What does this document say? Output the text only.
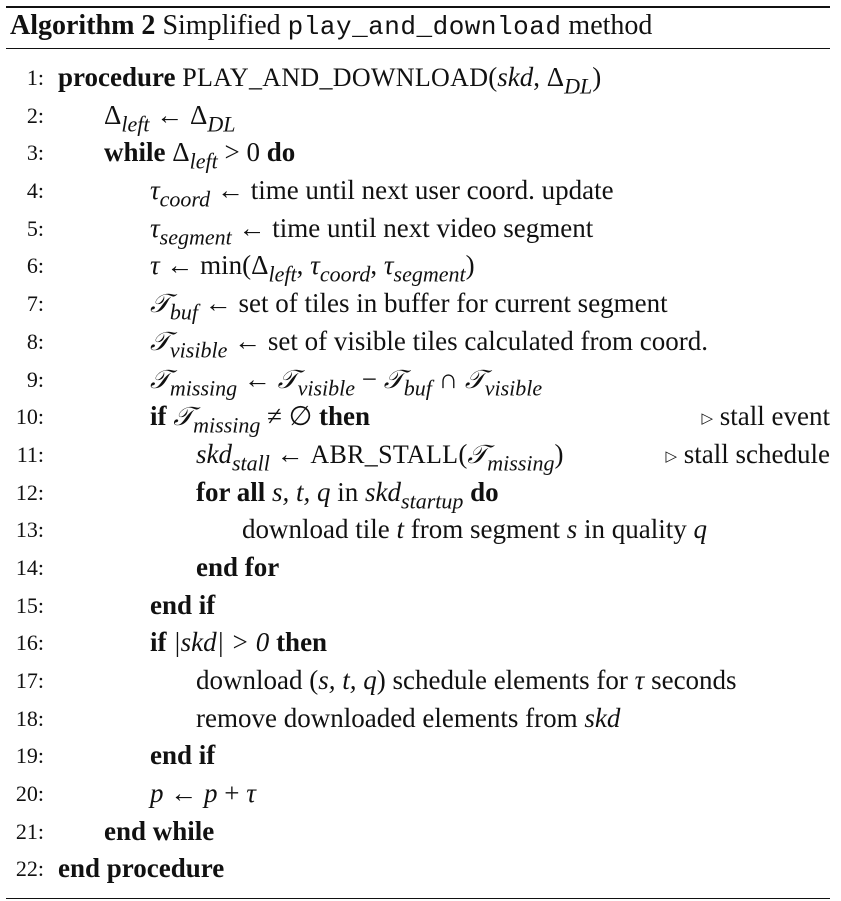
Algorithm 2 Simplified play_and_download method
1: procedure PLAY_AND_DOWNLOAD(skd, $\Delta_{DL}$)
2:	$\Delta_{left}$ ← $\Delta_{DL}$
3:	while $\Delta_{left} > 0$ do
4:	$\tau_{coord}$ ← time until next user coord. update
5:	$\tau_{segment}$ ← time until next video segment
6:	τ ← $\min(\Delta_{left}$, $\tau_{coord}$, $\tau_{segment}$)
7:	𝒯$_{buf}$ ← set of tiles in buffer for current segment
8:	𝒯$_{visible}$ ← set of visible tiles calculated from coord.
9:	𝒯$_{missing}$ ← 𝒯$_{visible}$ − 𝒯$_{buf}$ ∩ 𝒯$_{visible}$
10:	if 𝒯$_{missing}$ ≠ ∅ then	▷ stall event
11:	skd$_{stall}$ ← ABR_STALL(𝒯$_{missing}$)	▷ stall schedule
12:	for all s, t, q in skd$_{startup}$ do
13:	download tile t from segment s in quality q
14:	end for
15:	end if
16:	if |skd| > 0 then
17:	download (s, t, q) schedule elements for τ seconds
18:	remove downloaded elements from skd
19:	end if
20:	p ← p + τ
21:	end while
22: end procedure
